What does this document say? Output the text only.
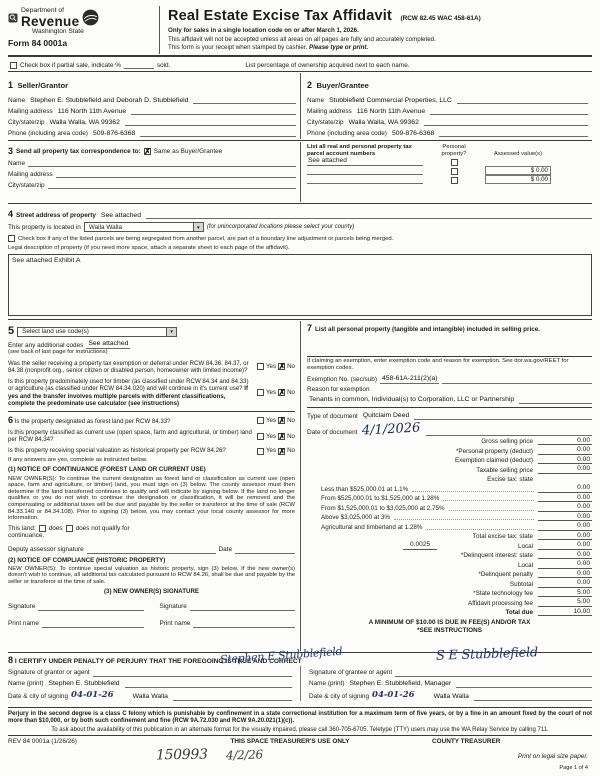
Department of
Revenue
Washington State
Form 84 0001a
Real Estate Excise Tax Affidavit (RCW 82.45 WAC 458-61A)
Only for sales in a single location code on or after March 1, 2026.
This affidavit will not be accepted unless all areas on all pages are fully and accurately completed.
This form is your receipt when stamped by cashier. Please type or print.
Check box if partial sale, indicate %	sold.	List percentage of ownership acquired next to each name.
1 Seller/Grantor
Name Stephen E. Stubblefield and Deborah D. Stubblefield
Mailing address 116 North 11th Avenue
City/state/zip Walla Walla, WA 99362
Phone (including area code) 509-876-6368
2 Buyer/Grantee
Name Stubblefield Commercial Properties, LLC
Mailing address 116 North 11th Avenue
City/state/zip Walla Walla, WA 99362
Phone (including area code) 509-876-6368
3 Send all property tax correspondence to: ✗ Same as Buyer/Grantee
Name
Mailing address
City/state/zip
List all real and personal property tax parcel account numbers
Personal property?	Assessed value(s)
See attached
$ 0.00
$ 0.00
4 Street address of property See attached
This property is located in	Walla Walla ▼	(for unincorporated locations please select your county)
Check box if any of the listed parcels are being segregated from another parcel, are part of a boundary line adjustment or parcels being merged.
Legal description of property (if you need more space, attach a separate sheet to each page of the affidavit).
See attached Exhibit A
5	Select land use code(s)
▼
Enter any additional codes See attached
(see back of last page for instructions)
Was the seller receiving a property tax exemption or deferral under RCW 84.36, 84.37, or 84.38 (nonprofit org., senior citizen or disabled person, homeowner with limited income)?
Yes ✗ No
Is this property predominately used for timber (as classified under RCW 84.34 and 84.33) or agriculture (as classified under RCW 84.34.020) and will continue in it's current use? If yes and the transfer involves multiple parcels with different classifications, complete the predominate use calculator (see instructions)
Yes ✗ No
6 Is the property designated as forest land per RCW 84.33?	Yes ✗ No
Is this property classified as current use (open space, farm and agricultural, or timber) land per RCW 84.34?
Yes ✗ No
Is this property receiving special valuation as historical property per RCW 84.26?	Yes ✗ No
If any answers are yes, complete as instructed below.
(1) NOTICE OF CONTINUANCE (FOREST LAND OR CURRENT USE)
NEW OWNER(S): To continue the current designation as forest land or classification as current use (open space, farm and agriculture, or timber) land, you must sign on (3) below. The county assessor must then determine if the land transferred continues to qualify and will indicate by signing below. If the land no longer qualifies or you do not wish to continue the designation or classification, it will be removed and the compensating or additional taxes will be due and payable by the seller or transferor at the time of sale (RCW 84.33.140 or 84.34.108). Prior to signing (3) below, you may contact your local county assessor for more information.
This land: does does not qualify for
continuance.
Deputy assessor signature	Date
(2) NOTICE OF COMPLIANCE (HISTORIC PROPERTY)
NEW OWNER(S): To continue special valuation as historic property, sign (3) below. If the new owner(s) doesn't wish to continue, all additional tax calculated pursuant to RCW 84.26, shall be due and payable by the seller or transferor at the time of sale.
(3) NEW OWNER(S) SIGNATURE
Signature	Signature
Print name	Print name
7 List all personal property (tangible and intangible) included in selling price.
If claiming an exemption, enter exemption code and reason for exemption. See dor.wa.gov/REET for exemption codes.
Exemption No. (sec/sub) 458-61A-211(2)(a)
Reason for exemption
Tenants in common, Individual(s) to Corporation, LLC or Partnership
Type of document Quitclaim Deed
Date of document 4/1/2026
Gross selling price	0.00
*Personal property (deduct)	0.00
Exemption claimed (deduct)	0.00
Taxable selling price	0.00
Excise tax: state
Less than $525,000.01 at 1.1%	0.00
From $525,000.01 to $1,525,000 at 1.28%	0.00
From $1,525,000.01 to $3,025,000 at 2.75%	0.00
Above $3,025,000 at 3%	0.00
Agricultural and timberland at 1.28%	0.00
Total excise tax: state	0.00
0.0025	Local	0.00
*Delinquent interest: state	0.00
Local	0.00
*Delinquent penalty	0.00
Subtotal	0.00
*State technology fee	5.00
Affidavit processing fee	5.00
Total due	10.00
A MINIMUM OF $10.00 IS DUE IN FEE(S) AND/OR TAX
*SEE INSTRUCTIONS
8 I CERTIFY UNDER PENALTY OF PERJURY THAT THE FOREGOING IS TRUE AND CORRECT
Stephen E Stubblefield	S E Stubblefield
Signature of grantor or agent
Name (print) Stephen E. Stubblefield
Date & city of signing 04-01-26	Walla Walla
Signature of grantee or agent
Name (print) Stephen E. Stubblefield, Manager
Date & city of signing 04-01-26	Walla Walla
Perjury in the second degree is a class C felony which is punishable by confinement in a state correctional institution for a maximum term of five years, or by a fine in an amount fixed by the court of not more than $10,000, or by both such confinement and fine (RCW 9A.72.030 and RCW 9A.20.021(1)(c)).
To ask about the availability of this publication in an alternate format for the visually impaired, please call 360-705-6705. Teletype (TTY) users may use the WA Relay Service by calling 711.
REV 84 0001a (1/26/26)	THIS SPACE TREASURER'S USE ONLY	COUNTY TREASURER
150993 4/2/26	Print on legal size paper.
Page 1 of 4
